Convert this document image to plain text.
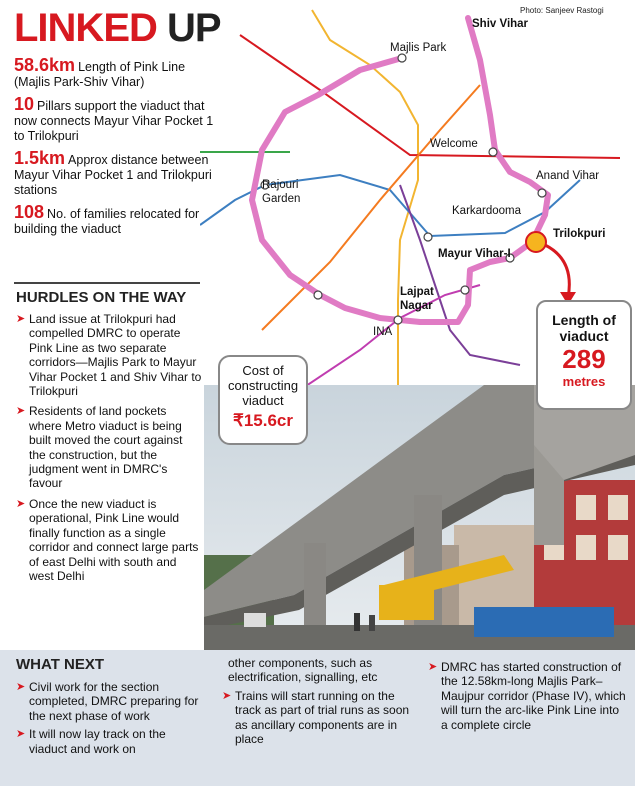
Shiv Vihar
Majlis Park
Welcome
Anand Vihar
Rajouri Garden
Karkardooma
Trilokpuri
Mayur Vihar-I
Lajpat Nagar
INA
Photo: Sanjeev Rastogi
LINKED UP
58.6km Length of Pink Line (Majlis Park-Shiv Vihar)
10 Pillars support the viaduct that now connects Mayur Vihar Pocket 1 to Trilokpuri
1.5km Approx distance between Mayur Vihar Pocket 1 and Trilokpuri stations
108 No. of families relocated for building the viaduct
HURDLES ON THE WAY
➤ Land issue at Trilokpuri had compelled DMRC to operate Pink Line as two separate corridors—Majlis Park to Mayur Vihar Pocket 1 and Shiv Vihar to Trilokpuri
➤ Residents of land pockets where Metro viaduct is being built moved the court against the construction, but the judgment went in DMRC's favour
➤ Once the new viaduct is operational, Pink Line would finally function as a single corridor and connect large parts of east Delhi with south and west Delhi
Cost of constructing viaduct
₹15.6cr
Length of viaduct
289
metres
WHAT NEXT
➤ Civil work for the section completed, DMRC preparing for the next phase of work
➤ It will now lay track on the viaduct and work on
other components, such as electrification, signalling, etc
➤ Trains will start running on the track as part of trial runs as soon as ancillary components are in place
➤ DMRC has started construction of the 12.58km-long Majlis Park–Maujpur corridor (Phase IV), which will turn the arc-like Pink Line into a complete circle
